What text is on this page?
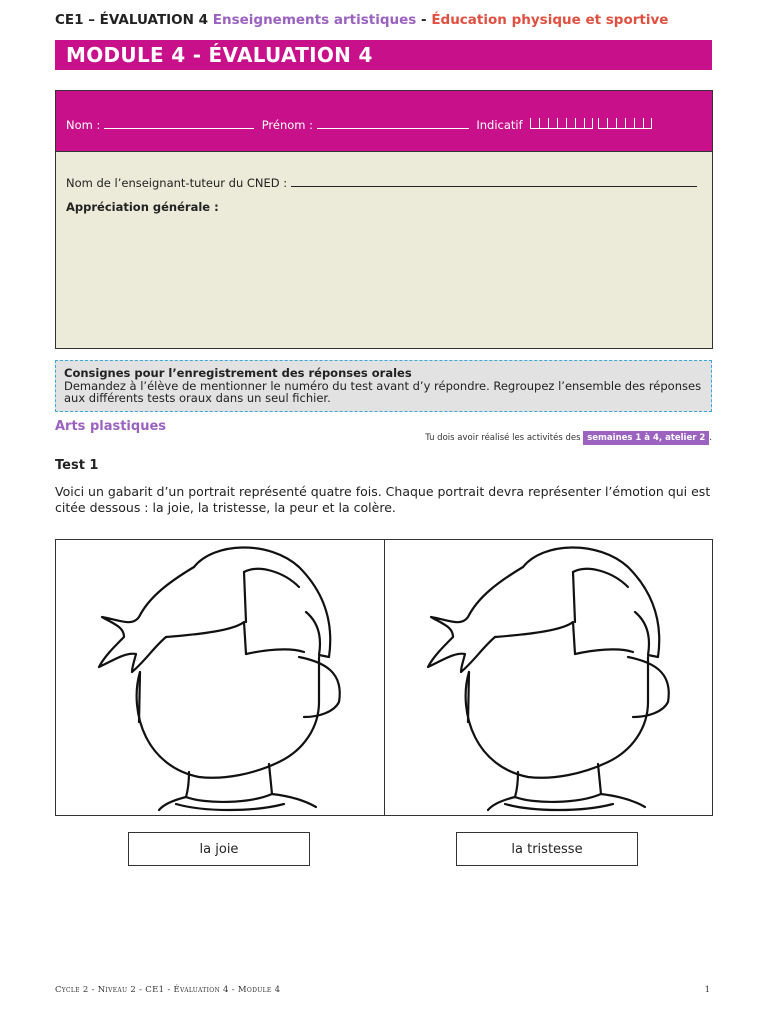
CE1 – ÉVALUATION 4 Enseignements artistiques - Éducation physique et sportive
MODULE 4 - ÉVALUATION 4
Nom :	Prénom :	Indicatif
Nom de l’enseignant-tuteur du CNED :
Appréciation générale :
Consignes pour l’enregistrement des réponses orales
Demandez à l’élève de mentionner le numéro du test avant d’y répondre. Regroupez l’ensemble des réponses aux différents tests oraux dans un seul fichier.
Arts plastiques
Tu dois avoir réalisé les activités des semaines 1 à 4, atelier 2 .
Test 1
Voici un gabarit d’un portrait représenté quatre fois. Chaque portrait devra représenter l’émotion qui est citée dessous : la joie, la tristesse, la peur et la colère.
la joie	la tristesse
Cycle 2 - Niveau 2 - CE1 - Évaluation 4 - Module 4	1
